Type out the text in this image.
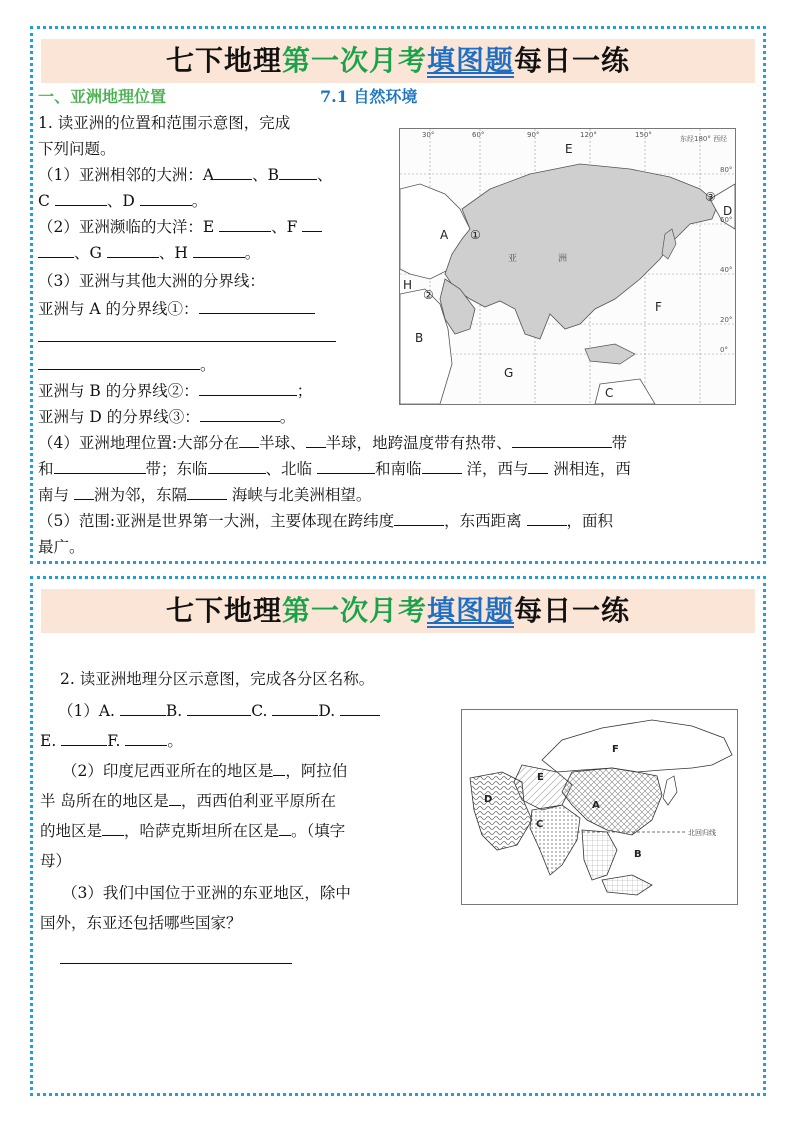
七下地理第一次月考填图题每日一练
一、亚洲地理位置	7.1 自然环境
1. 读亚洲的位置和范围示意图，完成
下列问题。
（1）亚洲相邻的大洲：A 、B 、
C	、D	。
（2）亚洲濒临的大洋：E	、F
、G	、H	。
（3）亚洲与其他大洲的分界线：
亚洲与 A 的分界线①：
。
亚洲与 B 的分界线②：	；
亚洲与 D 的分界线③：	。
（4）亚洲地理位置:大部分在 半球、 半球，地跨温度带有热带、	带
和	带；东临	、北临	和南临	洋，西与 洲相连，西
南与 洲为邻，东隔	海峡与北美洲相望。
（5）范围:亚洲是世界第一大洲，主要体现在跨纬度	，东西距离	，面积
最广。
30°	60°	90°	120°	150°	东经180° 西经
80°
60°
40°
20°
0°
E
A
H
B
G
C
F
D
①
②
③
亚	洲
七下地理第一次月考填图题每日一练
2. 读亚洲地理分区示意图，完成各分区名称。
（1）A.	B.	C.	D.
E.	F.	。
（2）印度尼西亚所在的地区是 ，阿拉伯
半 岛所在的地区是 ，西西伯利亚平原所在
的地区是 ，哈萨克斯坦所在区是 。（填字
母）
（3）我们中国位于亚洲的东亚地区，除中
国外，东亚还包括哪些国家？
北回归线
F
E
D
A
C
B
